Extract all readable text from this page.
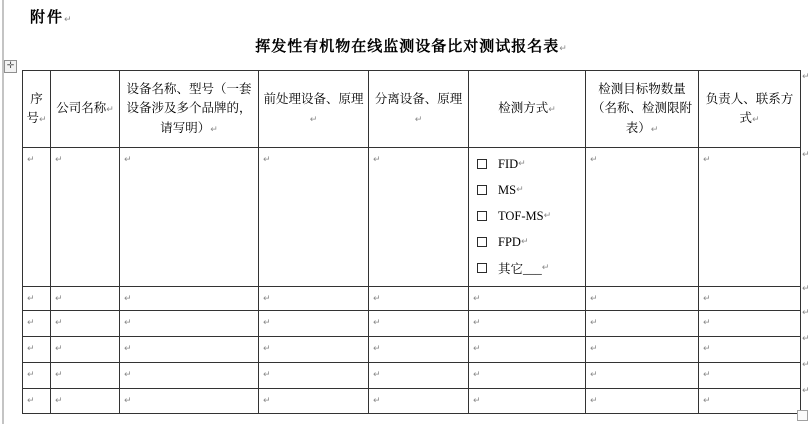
附件↵
挥发性有机物在线监测设备比对测试报名表↵
✛
序号↵	公司名称↵	设备名称、型号（一套设备涉及多个品牌的，请写明）↵	前处理设备、原理↵	分离设备、原理↵	检测方式↵	检测目标物数量（名称、检测限附表）↵	负责人、联系方式↵
↵	↵	↵	↵	↵	FID ↵
MS ↵
TOF-MS ↵
FPD ↵
其它___ ↵
	↵	↵
↵	↵	↵	↵	↵	↵	↵	↵
↵	↵	↵	↵	↵	↵	↵	↵
↵	↵	↵	↵	↵	↵	↵	↵
↵	↵	↵	↵	↵	↵	↵	↵
↵	↵	↵	↵	↵	↵	↵	↵
↵
↵
↵
↵
↵
↵
↵
